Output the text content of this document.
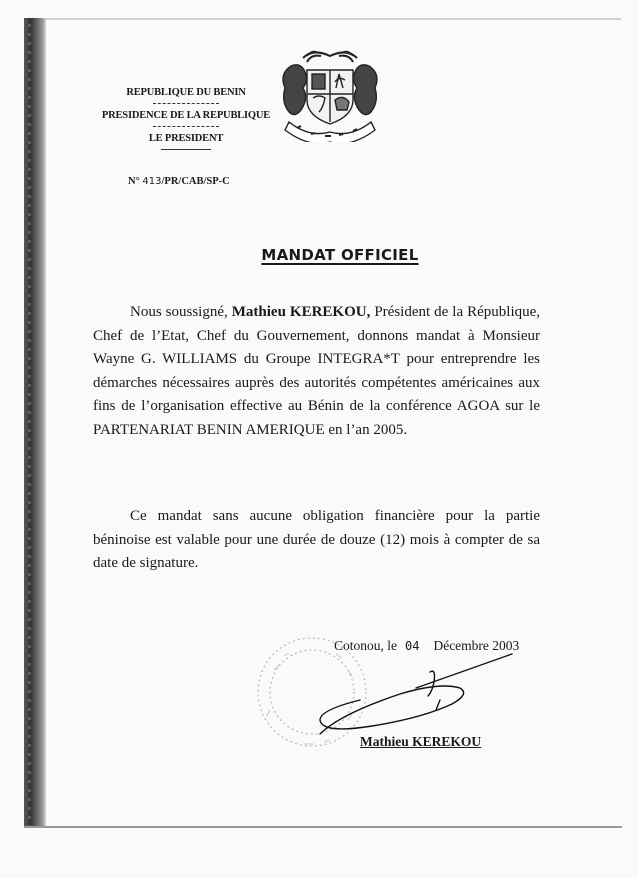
REPUBLIQUE DU BENIN
PRESIDENCE DE LA REPUBLIQUE
LE PRESIDENT
N° 413/PR/CAB/SP-C
MANDAT OFFICIEL
Nous soussigné, Mathieu KEREKOU, Président de la République, Chef de l’Etat, Chef du Gouvernement, donnons mandat à Monsieur Wayne G. WILLIAMS du Groupe INTEGRA*T pour entreprendre les démarches nécessaires auprès des autorités compétentes américaines aux fins de l’organisation effective au Bénin de la conférence AGOA sur le PARTENARIAT BENIN AMERIQUE en l’an 2005.
Ce mandat sans aucune obligation financière pour la partie béninoise est valable pour une durée de douze (12) mois à compter de sa date de signature.
Cotonou, le 04 Décembre 2003
Mathieu KEREKOU
